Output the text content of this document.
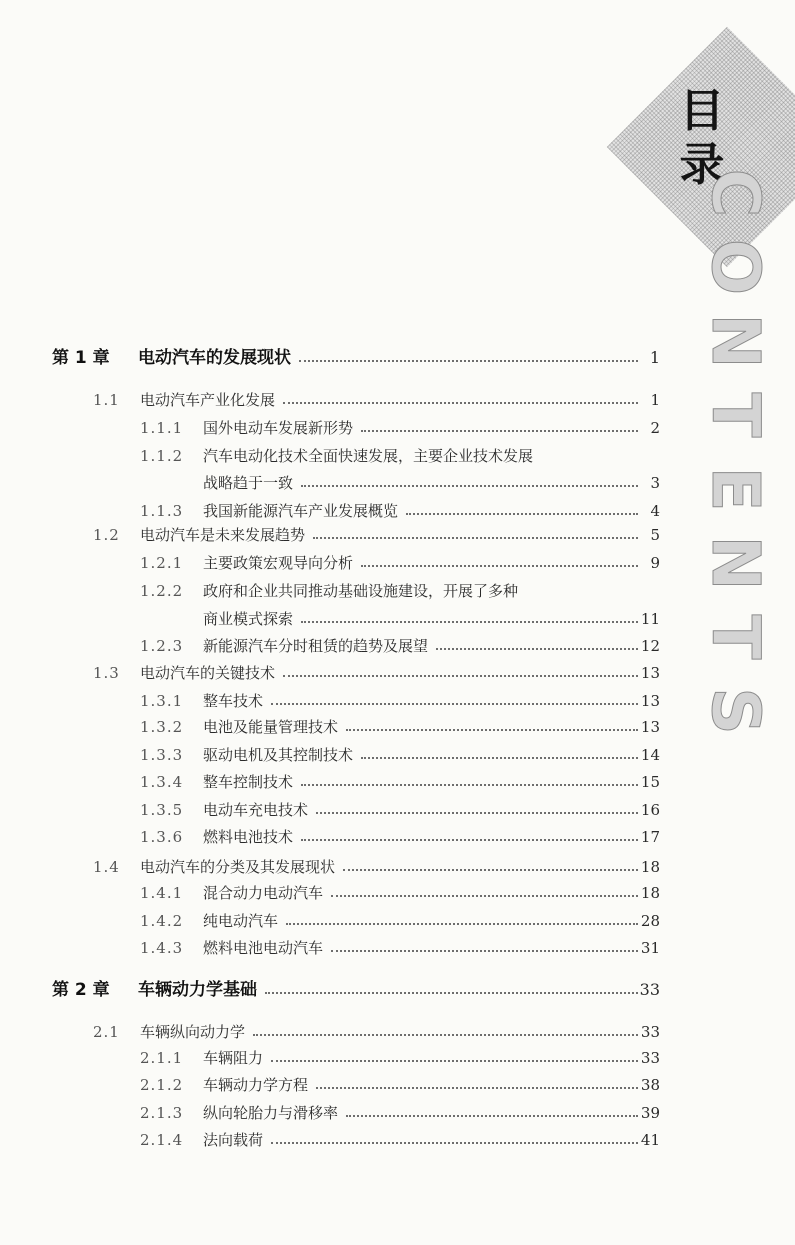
目
录
C
O
N
T
E
N
T
S
第 1 章 电动汽车的发展现状	1
1.1 电动汽车产业化发展	1
1.1.1 国外电动车发展新形势	2
1.1.2 汽车电动化技术全面快速发展，主要企业技术发展
战略趋于一致	3
1.1.3 我国新能源汽车产业发展概览	4
1.2 电动汽车是未来发展趋势	5
1.2.1 主要政策宏观导向分析	9
1.2.2 政府和企业共同推动基础设施建设，开展了多种
商业模式探索	11
1.2.3 新能源汽车分时租赁的趋势及展望	12
1.3 电动汽车的关键技术	13
1.3.1 整车技术	13
1.3.2 电池及能量管理技术	13
1.3.3 驱动电机及其控制技术	14
1.3.4 整车控制技术	15
1.3.5 电动车充电技术	16
1.3.6 燃料电池技术	17
1.4 电动汽车的分类及其发展现状	18
1.4.1 混合动力电动汽车	18
1.4.2 纯电动汽车	28
1.4.3 燃料电池电动汽车	31
第 2 章 车辆动力学基础	33
2.1 车辆纵向动力学	33
2.1.1 车辆阻力	33
2.1.2 车辆动力学方程	38
2.1.3 纵向轮胎力与滑移率	39
2.1.4 法向载荷	41
